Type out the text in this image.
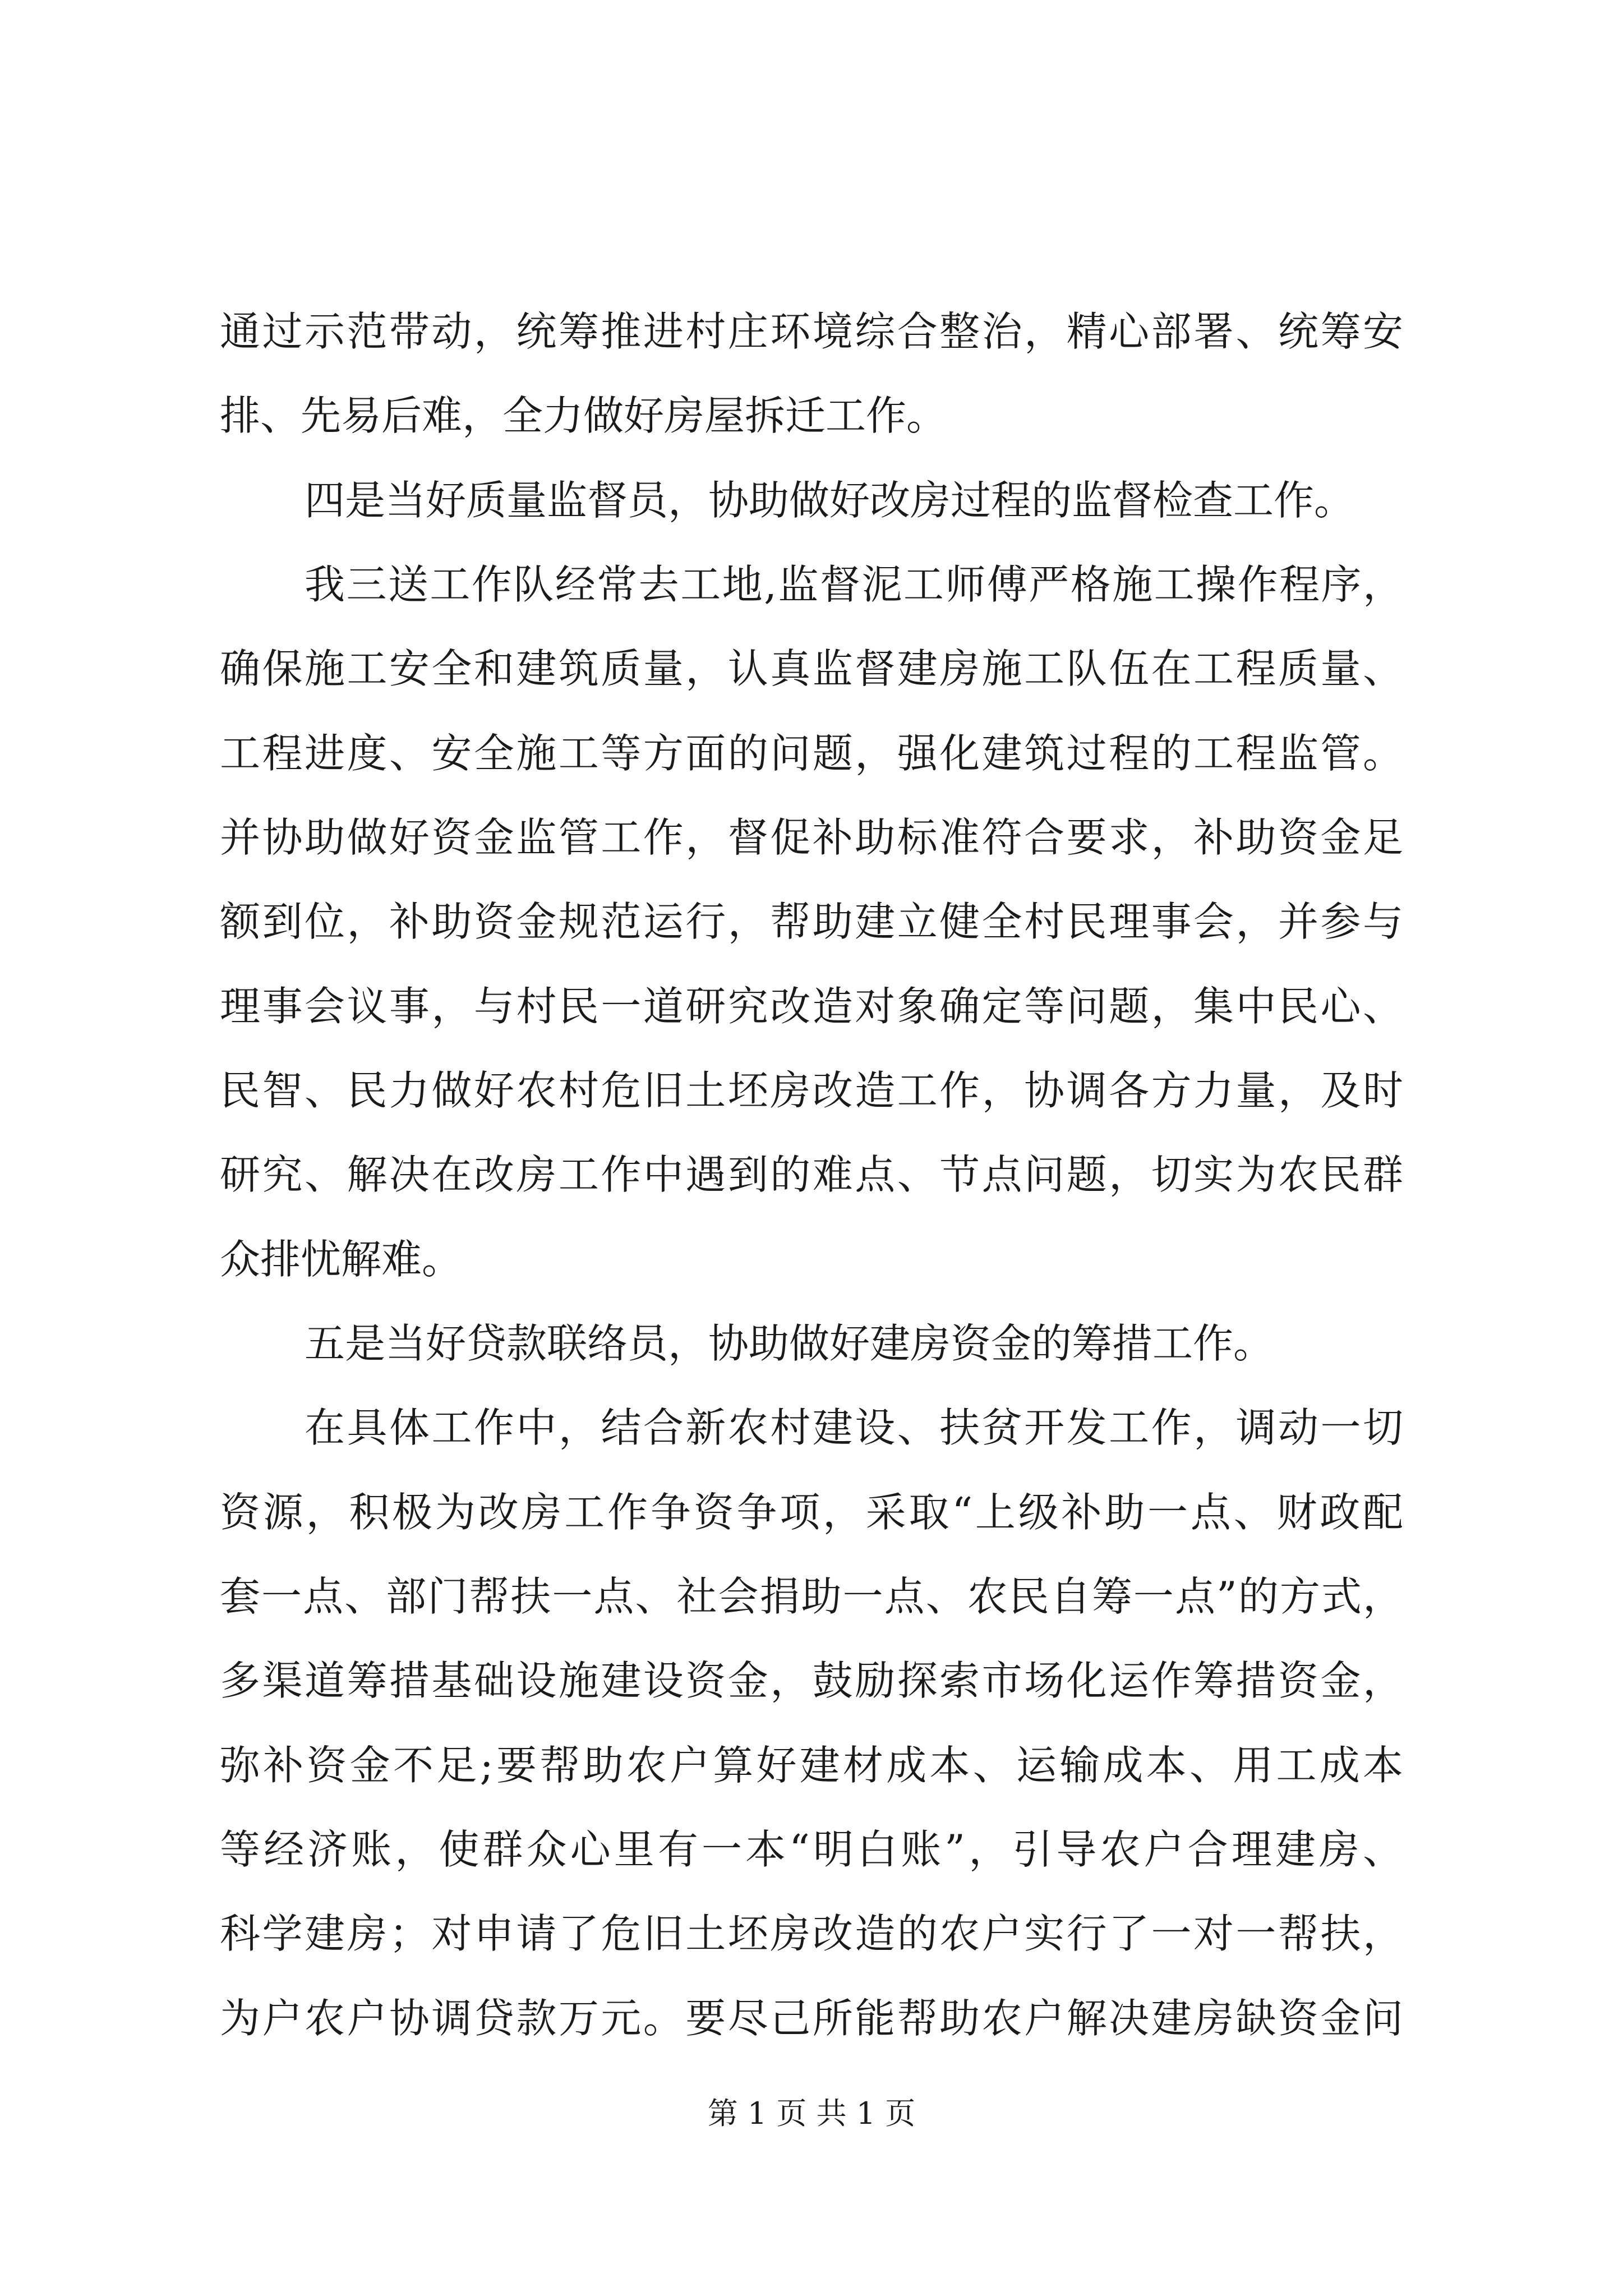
通过示范带动，统筹推进村庄环境综合整治，精心部署、统筹安
排、先易后难，全力做好房屋拆迁工作。
四是当好质量监督员，协助做好改房过程的监督检查工作。
我三送工作队经常去工地,监督泥工师傅严格施工操作程序，
确保施工安全和建筑质量，认真监督建房施工队伍在工程质量、
工程进度、安全施工等方面的问题，强化建筑过程的工程监管。
并协助做好资金监管工作，督促补助标准符合要求，补助资金足
额到位，补助资金规范运行，帮助建立健全村民理事会，并参与
理事会议事，与村民一道研究改造对象确定等问题，集中民心、
民智、民力做好农村危旧土坯房改造工作，协调各方力量，及时
研究、解决在改房工作中遇到的难点、节点问题，切实为农民群
众排忧解难。
五是当好贷款联络员，协助做好建房资金的筹措工作。
在具体工作中，结合新农村建设、扶贫开发工作，调动一切
资源，积极为改房工作争资争项，采取“上级补助一点、财政配
套一点、部门帮扶一点、社会捐助一点、农民自筹一点”的方式，
多渠道筹措基础设施建设资金，鼓励探索市场化运作筹措资金，
弥补资金不足;要帮助农户算好建材成本、运输成本、用工成本
等经济账，使群众心里有一本“明白账”，引导农户合理建房、
科学建房；对申请了危旧土坯房改造的农户实行了一对一帮扶，
为户农户协调贷款万元。要尽己所能帮助农户解决建房缺资金问
第 1 页 共 1 页
